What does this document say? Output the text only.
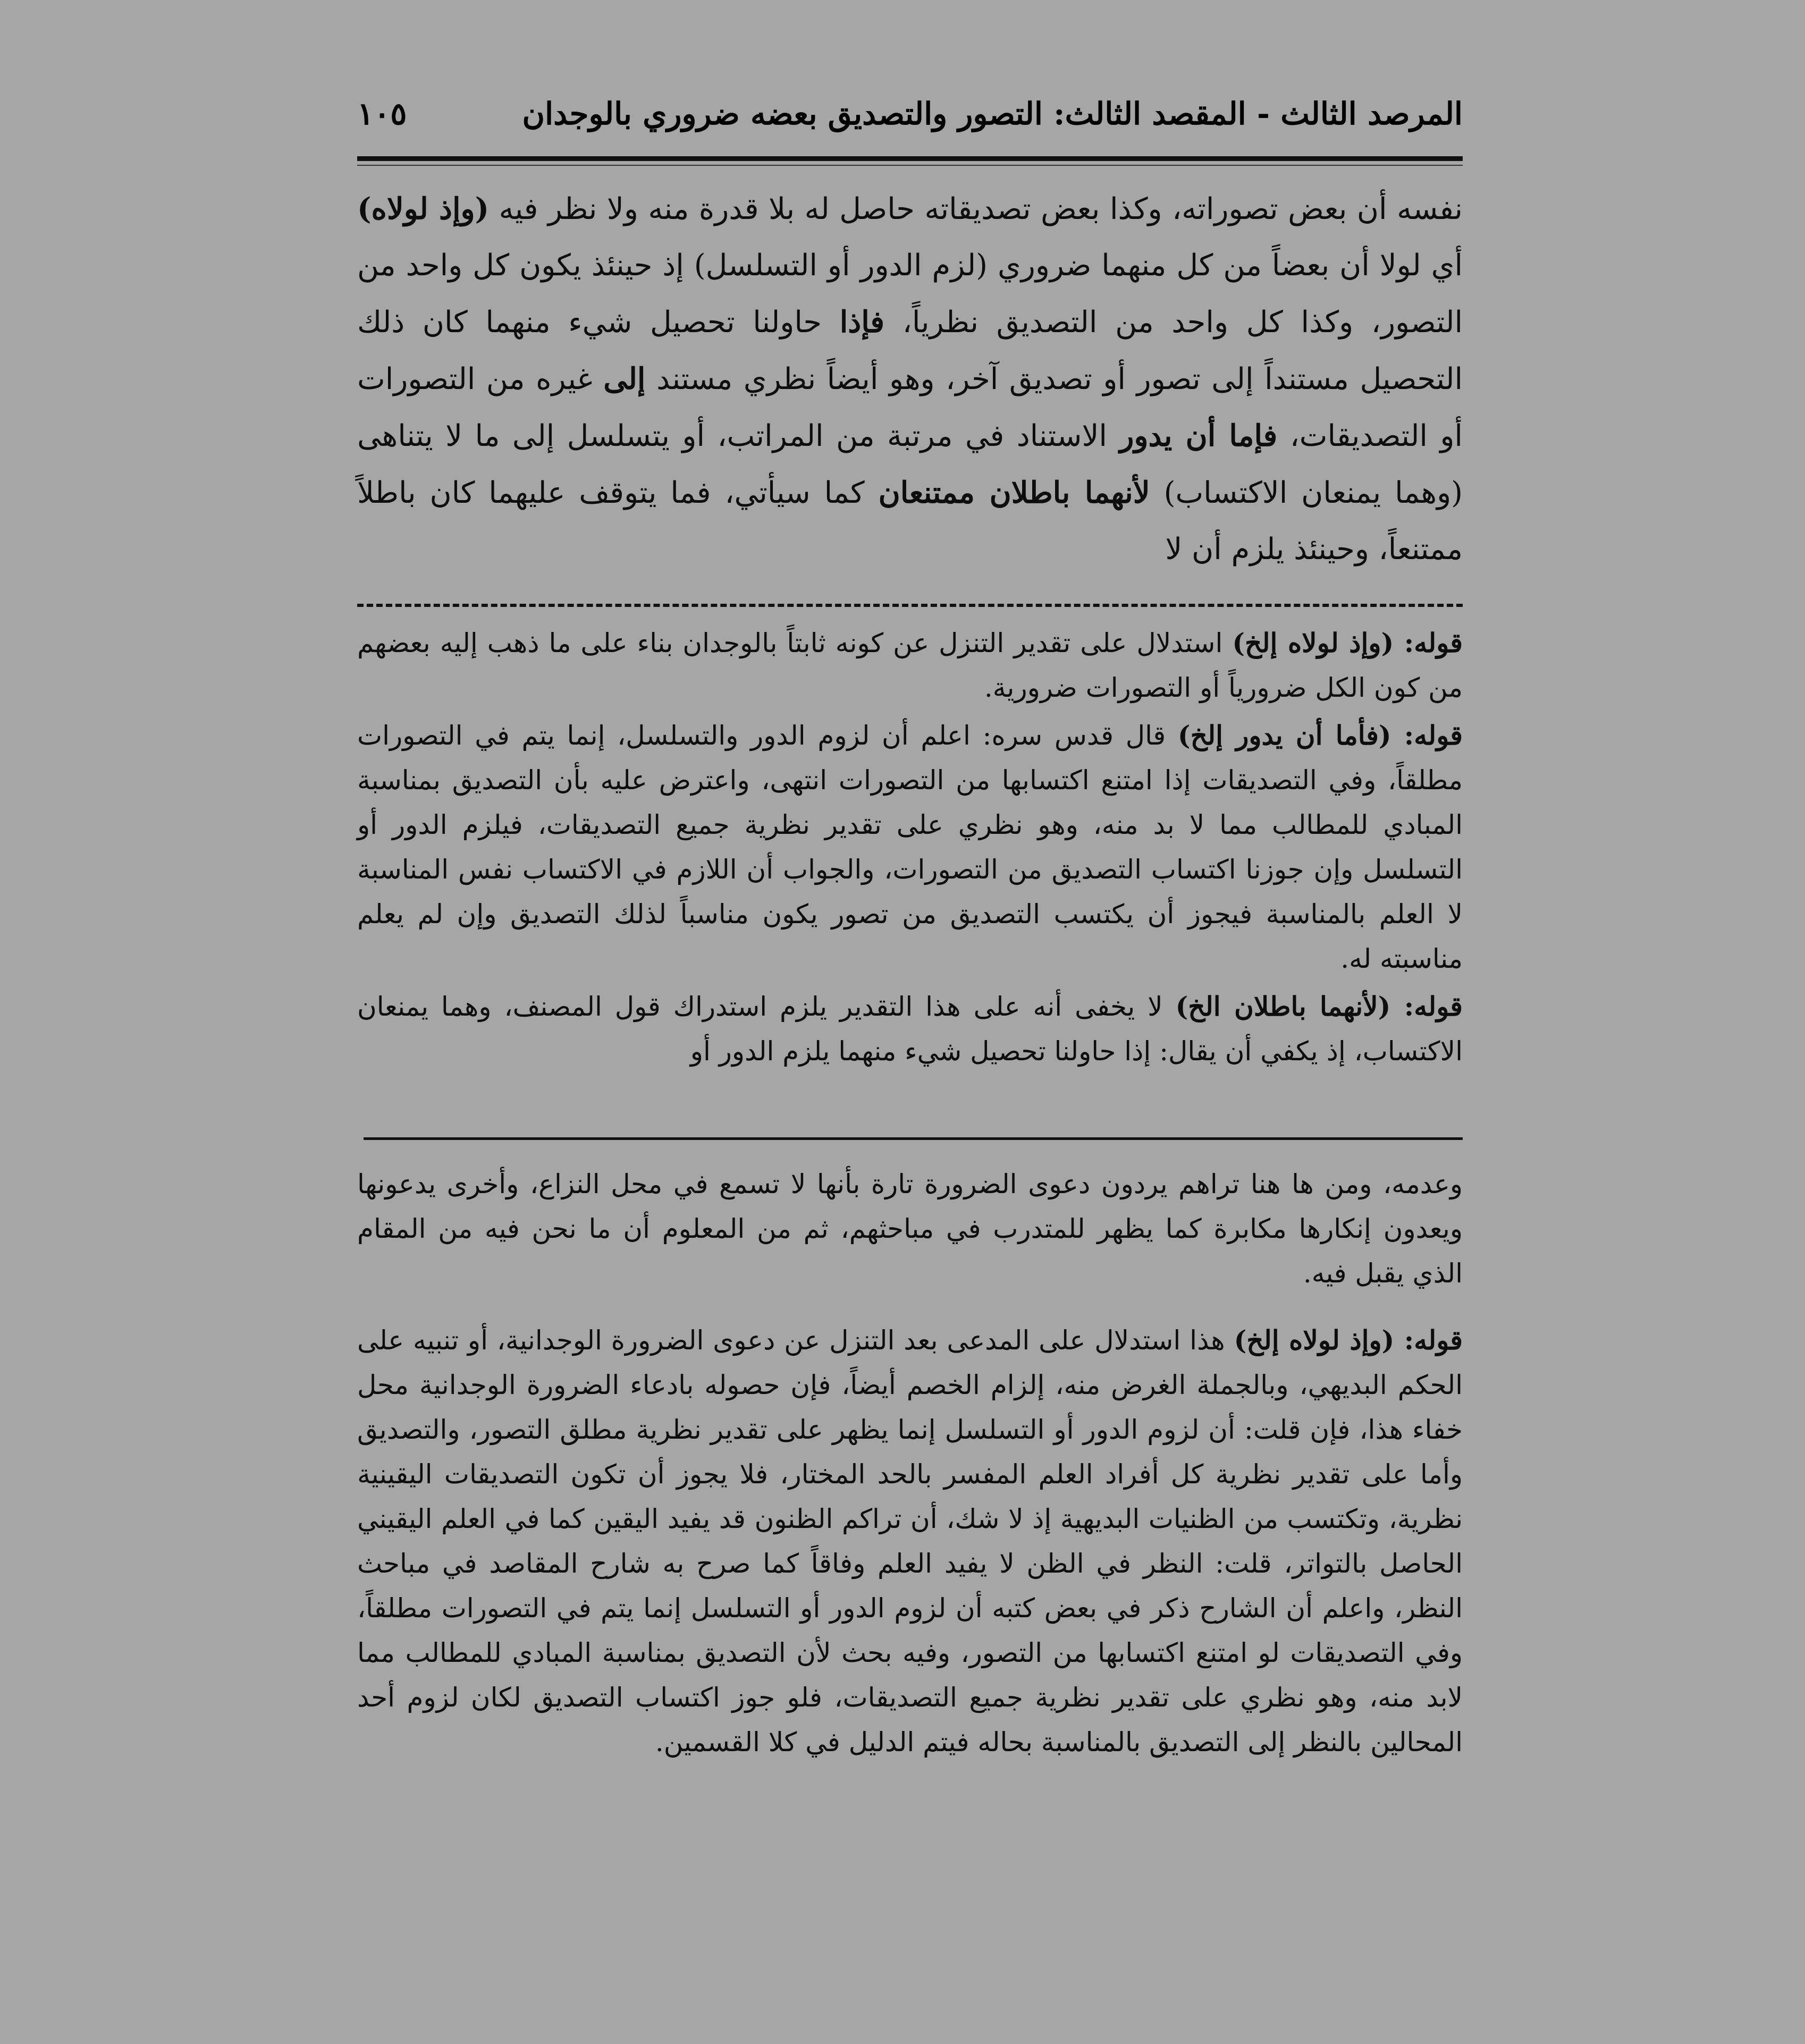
المرصد الثالث - المقصد الثالث: التصور والتصديق بعضه ضروري بالوجدان
١٠٥

نفسه أن بعض تصوراته، وكذا بعض تصديقاته حاصل له بلا قدرة منه ولا نظر فيه (وإذ لولاه) أي لولا أن بعضاً من كل منهما ضروري (لزم الدور أو التسلسل) إذ حينئذ يكون كل واحد من التصور، وكذا كل واحد من التصديق نظرياً، فإذا حاولنا تحصيل شيء منهما كان ذلك التحصيل مستنداً إلى تصور أو تصديق آخر، وهو أيضاً نظري مستند إلى غيره من التصورات أو التصديقات، فإما أن يدور الاستناد في مرتبة من المراتب، أو يتسلسل إلى ما لا يتناهى (وهما يمنعان الاكتساب) لأنهما باطلان ممتنعان كما سيأتي، فما يتوقف عليهما كان باطلاً ممتنعاً، وحينئذ يلزم أن لا

قوله: (وإذ لولاه إلخ) استدلال على تقدير التنزل عن كونه ثابتاً بالوجدان بناء على ما ذهب إليه بعضهم من كون الكل ضرورياً أو التصورات ضرورية.

قوله: (فأما أن يدور إلخ) قال قدس سره: اعلم أن لزوم الدور والتسلسل، إنما يتم في التصورات مطلقاً، وفي التصديقات إذا امتنع اكتسابها من التصورات انتهى، واعترض عليه بأن التصديق بمناسبة المبادي للمطالب مما لا بد منه، وهو نظري على تقدير نظرية جميع التصديقات، فيلزم الدور أو التسلسل وإن جوزنا اكتساب التصديق من التصورات، والجواب أن اللازم في الاكتساب نفس المناسبة لا العلم بالمناسبة فيجوز أن يكتسب التصديق من تصور يكون مناسباً لذلك التصديق وإن لم يعلم مناسبته له.

قوله: (لأنهما باطلان الخ) لا يخفى أنه على هذا التقدير يلزم استدراك قول المصنف، وهما يمنعان الاكتساب، إذ يكفي أن يقال: إذا حاولنا تحصيل شيء منهما يلزم الدور أو

وعدمه، ومن ها هنا تراهم يردون دعوى الضرورة تارة بأنها لا تسمع في محل النزاع، وأخرى يدعونها ويعدون إنكارها مكابرة كما يظهر للمتدرب في مباحثهم، ثم من المعلوم أن ما نحن فيه من المقام الذي يقبل فيه.

قوله: (وإذ لولاه إلخ) هذا استدلال على المدعى بعد التنزل عن دعوى الضرورة الوجدانية، أو تنبيه على الحكم البديهي، وبالجملة الغرض منه، إلزام الخصم أيضاً، فإن حصوله بادعاء الضرورة الوجدانية محل خفاء هذا، فإن قلت: أن لزوم الدور أو التسلسل إنما يظهر على تقدير نظرية مطلق التصور، والتصديق وأما على تقدير نظرية كل أفراد العلم المفسر بالحد المختار، فلا يجوز أن تكون التصديقات اليقينية نظرية، وتكتسب من الظنيات البديهية إذ لا شك، أن تراكم الظنون قد يفيد اليقين كما في العلم اليقيني الحاصل بالتواتر، قلت: النظر في الظن لا يفيد العلم وفاقاً كما صرح به شارح المقاصد في مباحث النظر، واعلم أن الشارح ذكر في بعض كتبه أن لزوم الدور أو التسلسل إنما يتم في التصورات مطلقاً، وفي التصديقات لو امتنع اكتسابها من التصور، وفيه بحث لأن التصديق بمناسبة المبادي للمطالب مما لابد منه، وهو نظري على تقدير نظرية جميع التصديقات، فلو جوز اكتساب التصديق لكان لزوم أحد المحالين بالنظر إلى التصديق بالمناسبة بحاله فيتم الدليل في كلا القسمين.
